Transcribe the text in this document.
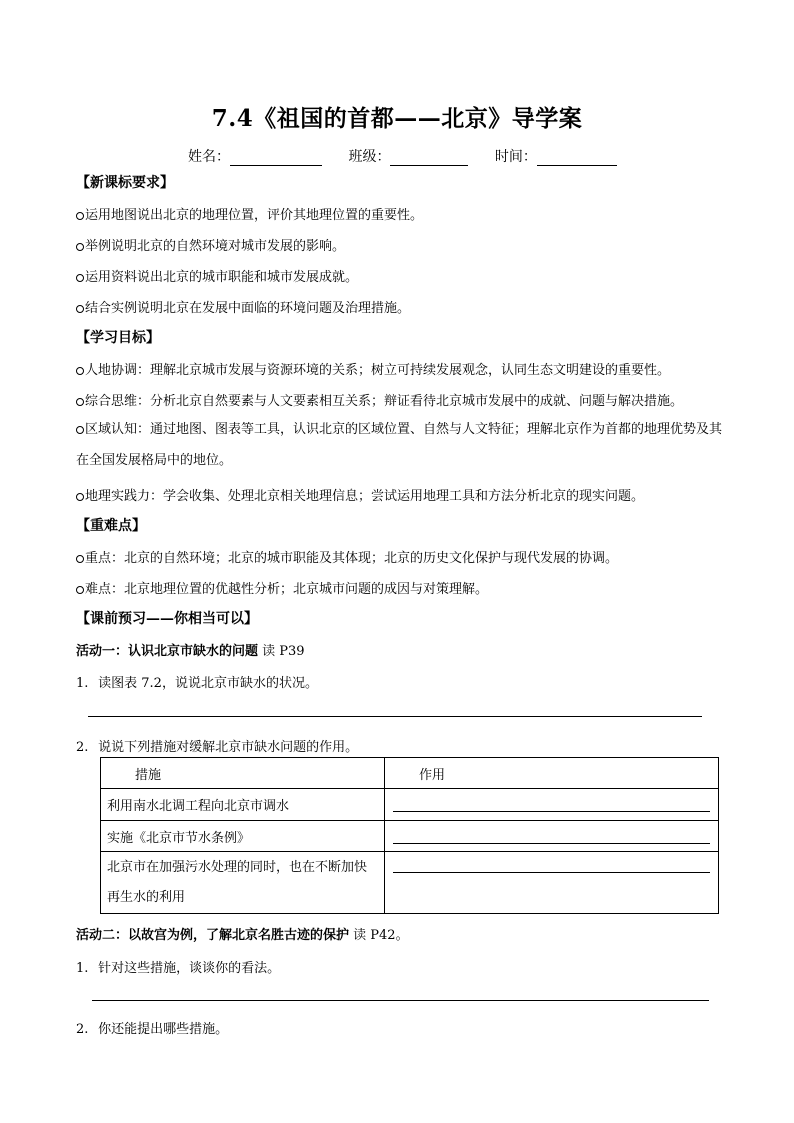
7.4《祖国的首都——北京》导学案
姓名：	班级：	时间：
【新课标要求】
运用地图说出北京的地理位置，评价其地理位置的重要性。
举例说明北京的自然环境对城市发展的影响。
运用资料说出北京的城市职能和城市发展成就。
结合实例说明北京在发展中面临的环境问题及治理措施。
【学习目标】
人地协调：理解北京城市发展与资源环境的关系；树立可持续发展观念，认同生态文明建设的重要性。
综合思维：分析北京自然要素与人文要素相互关系；辩证看待北京城市发展中的成就、问题与解决措施。
区域认知：通过地图、图表等工具，认识北京的区域位置、自然与人文特征；理解北京作为首都的地理优势及其在全国发展格局中的地位。
地理实践力：学会收集、处理北京相关地理信息；尝试运用地理工具和方法分析北京的现实问题。
【重难点】
重点：北京的自然环境；北京的城市职能及其体现；北京的历史文化保护与现代发展的协调。
难点：北京地理位置的优越性分析；北京城市问题的成因与对策理解。
【课前预习——你相当可以】
活动一：认识北京市缺水的问题 读 P39
1. 读图表 7.2，说说北京市缺水的状况。
2. 说说下列措施对缓解北京市缺水问题的作用。
措施	作用
利用南水北调工程向北京市调水	

实施《北京市节水条例》	

北京市在加强污水处理的同时，也在不断加快再生水的利用	
活动二：以故宫为例，了解北京名胜古迹的保护 读 P42。
1. 针对这些措施，谈谈你的看法。
2. 你还能提出哪些措施。
